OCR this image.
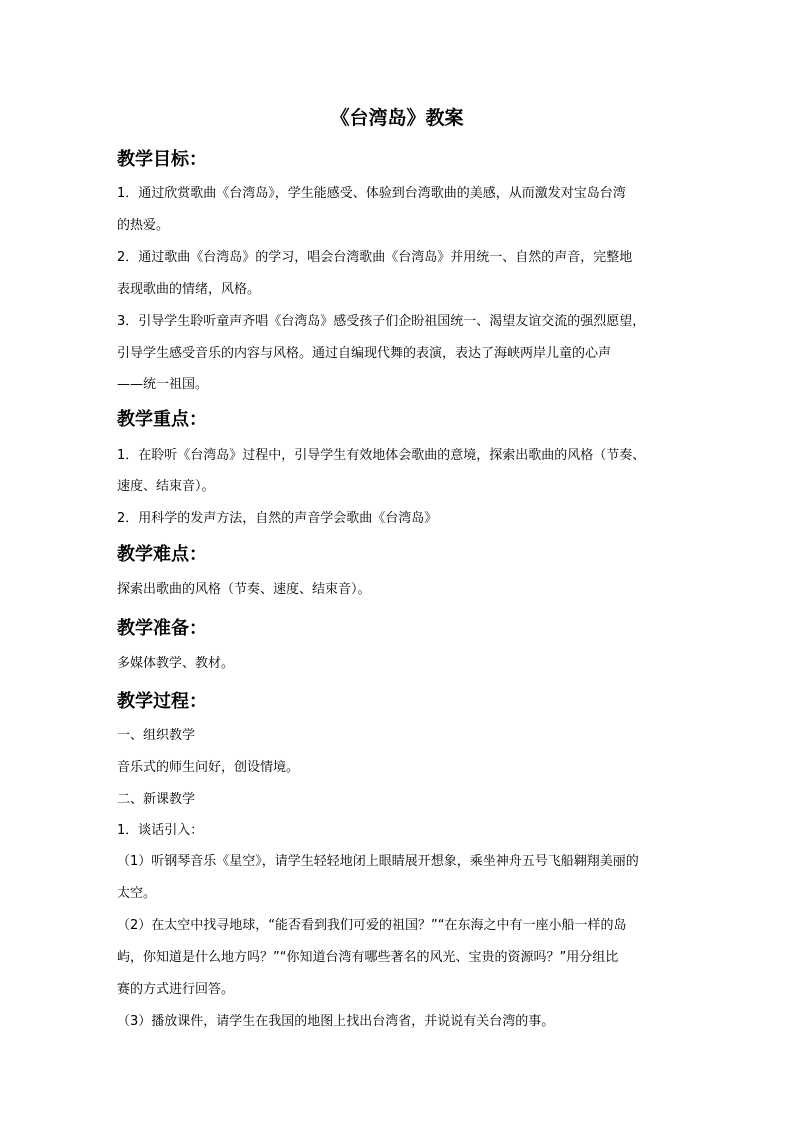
《台湾岛》教案
教学目标：
1．通过欣赏歌曲《台湾岛》，学生能感受、体验到台湾歌曲的美感，从而激发对宝岛台湾
的热爱。
2．通过歌曲《台湾岛》的学习，唱会台湾歌曲《台湾岛》并用统一、自然的声音，完整地
表现歌曲的情绪，风格。
3．引导学生聆听童声齐唱《台湾岛》感受孩子们企盼祖国统一、渴望友谊交流的强烈愿望，
引导学生感受音乐的内容与风格。通过自编现代舞的表演，表达了海峡两岸儿童的心声
——统一祖国。
教学重点：
1．在聆听《台湾岛》过程中，引导学生有效地体会歌曲的意境，探索出歌曲的风格（节奏、
速度、结束音）。
2．用科学的发声方法，自然的声音学会歌曲《台湾岛》
教学难点：
探索出歌曲的风格（节奏、速度、结束音）。
教学准备：
多媒体教学、教材。
教学过程：
一、组织教学
音乐式的师生问好，创设情境。
二、新课教学
1．谈话引入：
（1）听钢琴音乐《星空》，请学生轻轻地闭上眼睛展开想象，乘坐神舟五号飞船翱翔美丽的
太空。
（2）在太空中找寻地球，“能否看到我们可爱的祖国？”“在东海之中有一座小船一样的岛
屿，你知道是什么地方吗？”“你知道台湾有哪些著名的风光、宝贵的资源吗？”用分组比
赛的方式进行回答。
（3）播放课件，请学生在我国的地图上找出台湾省，并说说有关台湾的事。
